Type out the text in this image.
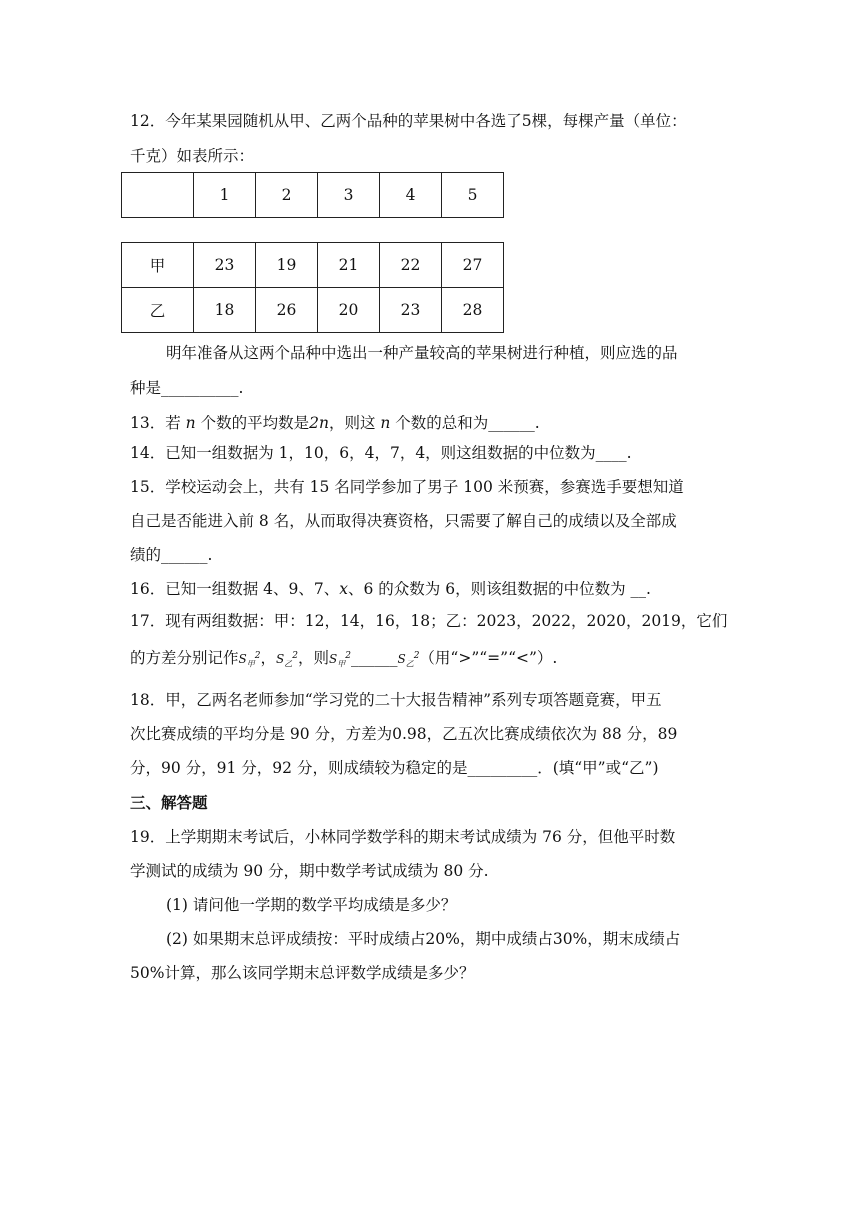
12．今年某果园随机从甲、乙两个品种的苹果树中各选了5棵，每棵产量（单位：
千克）如表所示：
	1	2	3	4	5
甲	23	19	21	22	27
乙	18	26	20	23	28
明年准备从这两个品种中选出一种产量较高的苹果树进行种植，则应选的品
种是__________.
13．若 n 个数的平均数是2n，则这 n 个数的总和为______.
14．已知一组数据为 1，10，6，4，7，4，则这组数据的中位数为____.
15．学校运动会上，共有 15 名同学参加了男子 100 米预赛，参赛选手要想知道
自己是否能进入前 8 名，从而取得决赛资格，只需要了解自己的成绩以及全部成
绩的______.
16．已知一组数据 4、9、7、x、6 的众数为 6，则该组数据的中位数为 __.
17．现有两组数据：甲：12，14，16，18；乙：2023，2022，2020，2019，它们
的方差分别记作$S_甲^2$，$S_乙^2$，则$S_甲^2\_\_\_\_\_\_S_乙^2$（用“>”“=”“<”）.
18．甲，乙两名老师参加“学习党的二十大报告精神”系列专项答题竟赛，甲五
次比赛成绩的平均分是 90 分，方差为0.98，乙五次比赛成绩依次为 88 分，89
分，90 分，91 分，92 分，则成绩较为稳定的是_________．(填“甲”或“乙”)
三、解答题
19．上学期期末考试后，小林同学数学科的期末考试成绩为 76 分，但他平时数
学测试的成绩为 90 分，期中数学考试成绩为 80 分.
(1) 请问他一学期的数学平均成绩是多少？
(2) 如果期末总评成绩按：平时成绩占20%，期中成绩占30%，期末成绩占
50%计算，那么该同学期末总评数学成绩是多少？
